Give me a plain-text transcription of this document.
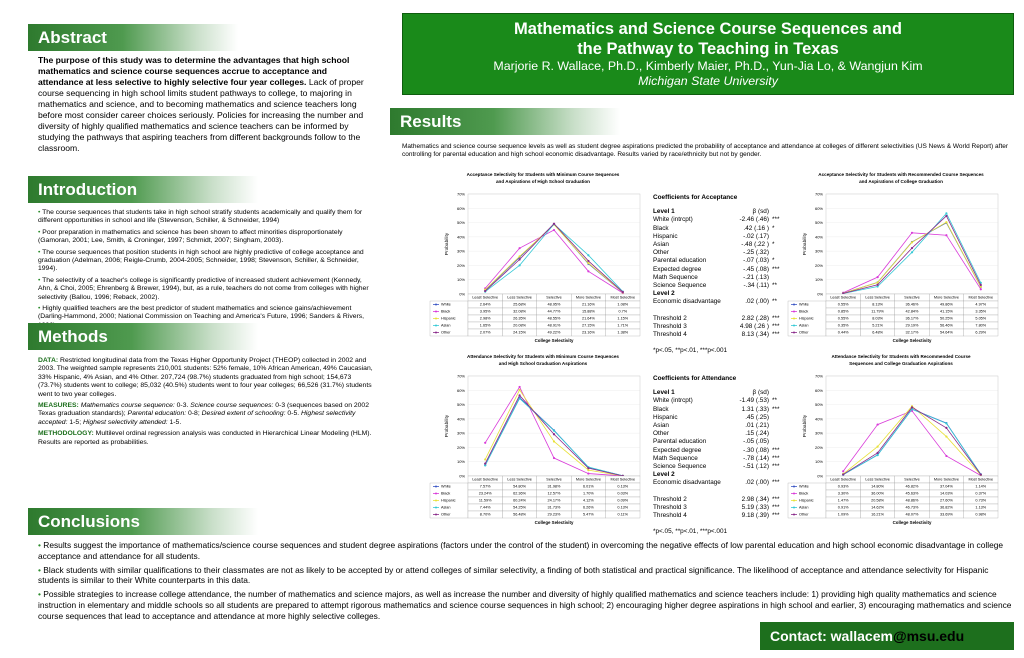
Abstract
The purpose of this study was to determine the advantages that high school mathematics and science course sequences accrue to acceptance and attendance at less selective to highly selective four year colleges. Lack of proper course sequencing in high school limits student pathways to college, to majoring in mathematics and science, and to becoming mathematics and science teachers long before most consider career choices seriously. Policies for increasing the number and diversity of highly qualified mathematics and science teachers can be informed by studying the pathways that aspiring teachers from different backgrounds follow to the classroom.
Introduction

• The course sequences that students take in high school stratify students academically and qualify them for different opportunities in school and life (Stevenson, Schiller, & Schneider, 1994)

• Poor preparation in mathematics and science has been shown to affect minorities disproportionately (Gamoran, 2001; Lee, Smith, & Croninger, 1997; Schmidt, 2007; Singham, 2003).

• The course sequences that position students in high school are highly predictive of college acceptance and graduation (Adelman, 2006; Reigle-Crumb, 2004-2005; Schneider, 1998; Stevenson, Schiller, & Schneider, 1994).

• The selectivity of a teacher's college is significantly predictive of increased student achievement (Kennedy, Ahn, & Choi, 2005; Ehrenberg & Brewer, 1994), but, as a rule, teachers do not come from colleges with higher selectivity (Ballou, 1996; Reback, 2002).

• Highly qualified teachers are the best predictor of student mathematics and science gains/achievement (Darling-Hammond, 2000; National Commission on Teaching and America's Future, 1996; Sanders & Rivers,

Methods

DATA: Restricted longitudinal data from the Texas Higher Opportunity Project (THEOP) collected in 2002 and 2003. The weighted sample represents 210,001 students: 52% female, 10% African American, 49% Caucasian, 33% Hispanic, 4% Asian, and 4% Other. 207,724 (98.7%) students graduated from high school; 154,673 (73.7%) students went to college; 85,032 (40.5%) students went to four year colleges; 66,526 (31.7%) students went to two year colleges.

MEASURES: Mathematics course sequence: 0-3. Science course sequences: 0-3 (sequences based on 2002 Texas graduation standards); Parental education: 0-8; Desired extent of schooling: 0-5. Highest selectivity accepted: 1-5; Highest selectivity attended: 1-5.

METHODOLOGY: Multilevel ordinal regression analysis was conducted in Hierarchical Linear Modeling (HLM). Results are reported as probabilities.

Conclusions

• Results suggest the importance of mathematics/science course sequences and student degree aspirations (factors under the control of the student) in overcoming the negative effects of low parental education and high school economic disadvantage in college acceptance and attendance for all students.

• Black students with similar qualifications to their classmates are not as likely to be accepted by or attend colleges of similar selectivity, a finding of both statistical and practical significance. The likelihood of acceptance and attendance selectivity for Hispanic students is similar to their White counterparts in this data.

• Possible strategies to increase college attendance, the number of mathematics and science majors, as well as increase the number and diversity of highly qualified mathematics and science teachers include: 1) providing high quality mathematics and science instruction in elementary and middle schools so all students are prepared to attempt rigorous mathematics and science course sequences in high school; 2) encouraging higher degree aspirations in high school and earlier, 3) encouraging mathematics and science course sequences that lead to acceptance and attendance at more highly selective colleges.

Mathematics and Science Course Sequences and
the Pathway to Teaching in Texas
Marjorie R. Wallace, Ph.D., Kimberly Maier, Ph.D., Yun-Jia Lo, & Wangjun Kim
Michigan State University
Results
Mathematics and science course sequence levels as well as student degree aspirations predicted the probability of acceptance and attendance at colleges of different selectivities (US News & World Report) after controlling for parental education and high school economic disadvantage. Results varied by race/ethnicity but not by gender.
Acceptance Selectivity for Students with Minimum Course Sequences
and Aspirations of High School Graduation
0%
10%
20%
30%
40%
50%
60%
70%
Probability
Least Selective Less Selective	Selective	More Selective Most Selective
White	2.64%	25.68%	48.95%	21.16%	1.08%
Black	3.95%	32.08%	44.77%	15.88%	0.7%
Hispanic	2.98%	26.35%	48.55%	21.64%	1.15%
Asian	1.65%	20.08%	48.91%	27.15%	1.71%
Other	2.07%	24.15%	49.22%	23.16%	1.38%
College Selectivity
Acceptance Selectivity for Students with Recommended Course Sequences
and Aspirations of College Graduation
0%
10%
20%
30%
40%
50%
60%
70%
Probability
Least Selective Less Selective	Selective	More Selective Most Selective
White	0.55%	8.13%	36.46%	49.86%	4.97%
Black	0.85%	11.79%	42.84%	41.15%	3.35%
Hispanic	0.55%	8.03%	36.17%	50.25%	5.05%
Asian	0.35%	5.21%	29.19%	56.46%	7.80%
Other	0.44%	6.48%	32.17%	54.64%	6.29%
College Selectivity
Attendance Selectivity for Students with Minimum Course Sequences
and High School Graduation Aspirations
0%
10%
20%
30%
40%
50%
60%
70%
Probability
Least Selective Less Selective	Selective	More Selective Most Selective
White	7.57%	54.80%	31.98%	6.01%	0.13%
Black	23.24%	62.36%	12.57%	1.70%	0.03%
Hispanic	11.59%	60.24%	24.17%	4.12%	0.09%
Asian	7.44%	54.25%	31.73%	6.26%	0.13%
Other	8.70%	56.48%	29.23%	5.47%	0.11%
College Selectivity
Attendance Selectivity for Students with Recommended Course
Sequences and College Graduation Aspirations
0%
10%
20%
30%
40%
50%
60%
70%
Probability
Least Selective Less Selective	Selective	More Selective Most Selective
White	0.93%	14.80%	46.82%	37.04%	1.14%
Black	3.30%	36.00%	45.63%	14.03%	0.37%
Hispanic	1.47%	20.58%	48.86%	27.60%	0.73%
Asian	0.91%	14.62%	46.73%	36.82%	1.13%
Other	1.09%	16.21%	48.07%	33.69%	0.98%
College Selectivity
Coefficients for Acceptance
Level 1	β (sd)
White (intrcpt)	-2.46 (.46) ***
Black	.42 (.16 ) *
Hispanic	-.02 (.17)
Asian	-.48 (.22 ) *
Other	-.25 (.32)
Parental education	-.07 (.03) *
Expected degree	-.45 (.08) ***
Math Sequence	-.21 (.13)
Science Sequence	-.34 (.11) **
Level 2
Economic disadvantage	.02 (.00) **
Threshold 2	2.82 (.28) ***
Threshold 3	4.98 (.26 ) ***
Threshold 4	8.13 (.34) ***
*p<.05, **p<.01, ***p<.001
Coefficients for Attendance
Level 1	β (sd)
White (intrcpt)	-1.49 (.53) **
Black	1.31 (.33) ***
Hispanic	.45 (.25)
Asian	.01 (.21)
Other	.15 (.24)
Parental education	-.05 (.05)
Expected degree	-.30 (.08) ***
Math Sequence	-.78 (.14) ***
Science Sequence	-.51 (.12) ***
Level 2
Economic disadvantage	.02 (.00) ***
Threshold 2	2.98 (.34) ***
Threshold 3	5.19 (.33) ***
Threshold 4	9.18 (.39) ***
*p<.05, **p<.01, ***p<.001
Contact: wallacem@msu.edu
